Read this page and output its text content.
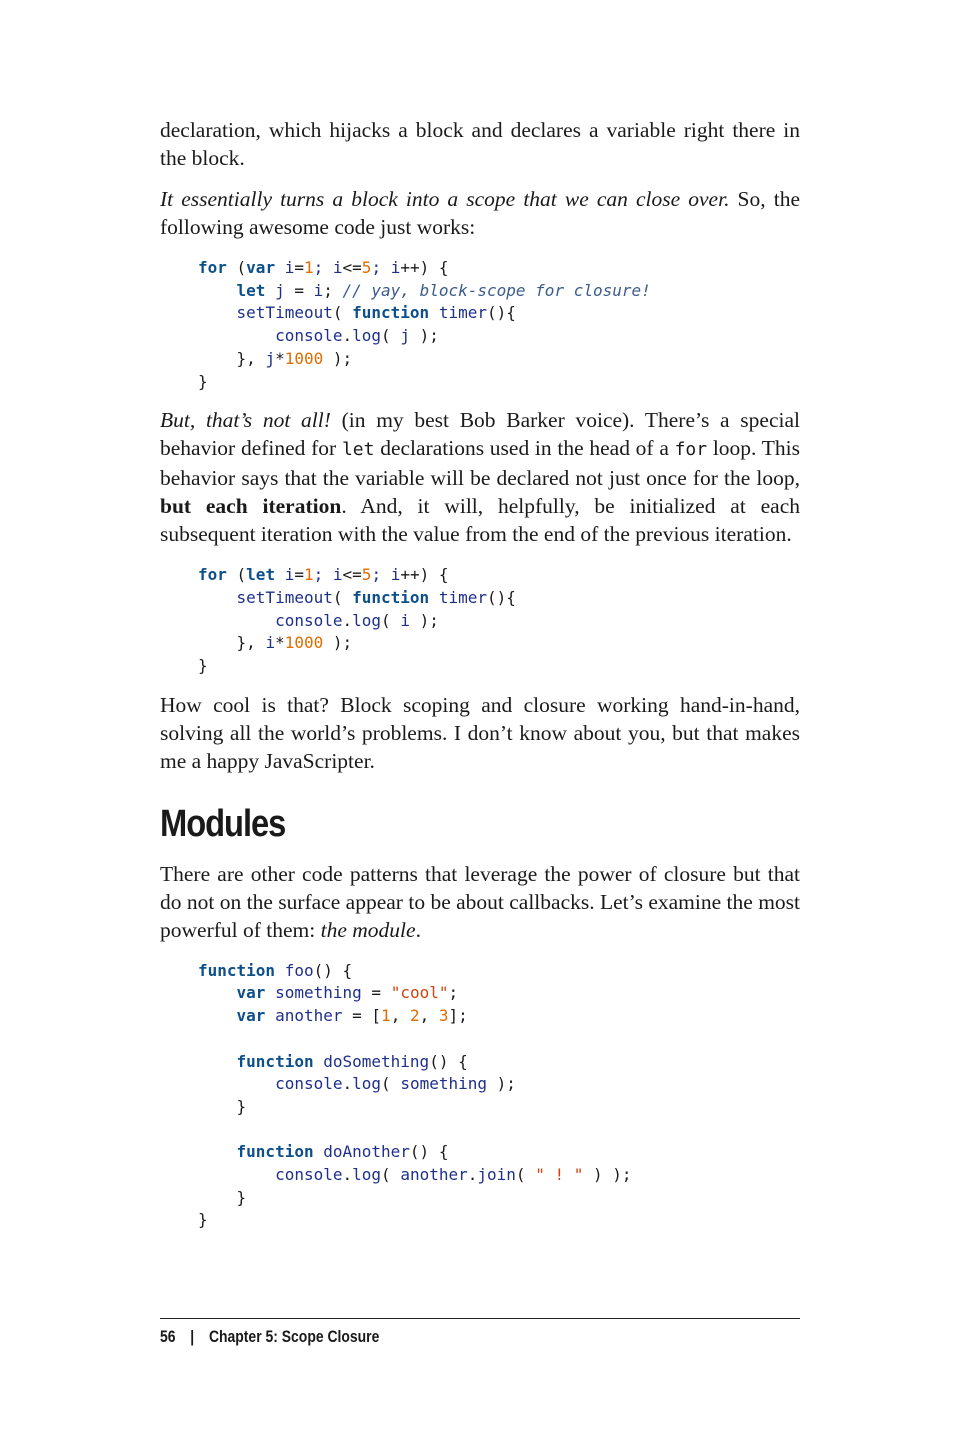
declaration, which hijacks a block and declares a variable right there in the block.

It essentially turns a block into a scope that we can close over. So, the following awesome code just works:

for (var i=1; i<=5; i++) {
let j = i; // yay, block-scope for closure!
setTimeout( function timer(){
console.log( j );
}, j*1000 );
}

But, that’s not all! (in my best Bob Barker voice). There’s a special behavior defined for let declarations used in the head of a for loop. This behavior says that the variable will be declared not just once for the loop, but each iteration. And, it will, helpfully, be initialized at each subsequent iteration with the value from the end of the previous iteration.

for (let i=1; i<=5; i++) {
setTimeout( function timer(){
console.log( i );
}, i*1000 );
}

How cool is that? Block scoping and closure working hand-in-hand, solving all the world’s problems. I don’t know about you, but that makes me a happy JavaScripter.

Modules

There are other code patterns that leverage the power of closure but that do not on the surface appear to be about callbacks. Let’s examine the most powerful of them: the module.

function foo() {
var something = "cool";
var another = [1, 2, 3];

function doSomething() {
console.log( something );
}

function doAnother() {
console.log( another.join( " ! " ) );
}
}
56 | Chapter 5: Scope Closure
